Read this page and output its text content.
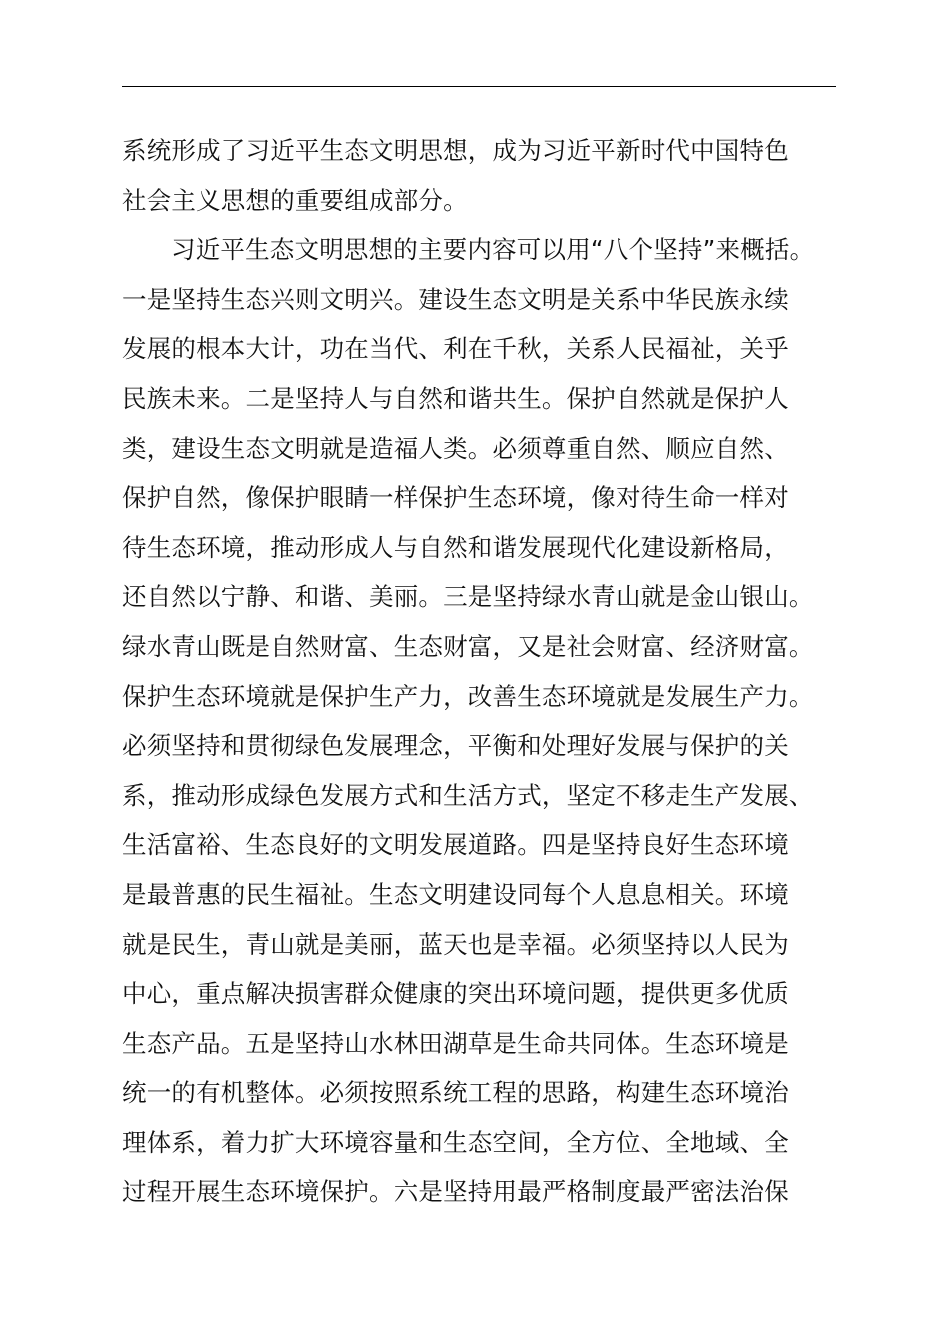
系统形成了习近平生态文明思想，成为习近平新时代中国特色
社会主义思想的重要组成部分。
习近平生态文明思想的主要内容可以用“八个坚持”来概括。
一是坚持生态兴则文明兴。建设生态文明是关系中华民族永续
发展的根本大计，功在当代、利在千秋，关系人民福祉，关乎
民族未来。二是坚持人与自然和谐共生。保护自然就是保护人
类，建设生态文明就是造福人类。必须尊重自然、顺应自然、
保护自然，像保护眼睛一样保护生态环境，像对待生命一样对
待生态环境，推动形成人与自然和谐发展现代化建设新格局，
还自然以宁静、和谐、美丽。三是坚持绿水青山就是金山银山。
绿水青山既是自然财富、生态财富，又是社会财富、经济财富。
保护生态环境就是保护生产力，改善生态环境就是发展生产力。
必须坚持和贯彻绿色发展理念，平衡和处理好发展与保护的关
系，推动形成绿色发展方式和生活方式，坚定不移走生产发展、
生活富裕、生态良好的文明发展道路。四是坚持良好生态环境
是最普惠的民生福祉。生态文明建设同每个人息息相关。环境
就是民生，青山就是美丽，蓝天也是幸福。必须坚持以人民为
中心，重点解决损害群众健康的突出环境问题，提供更多优质
生态产品。五是坚持山水林田湖草是生命共同体。生态环境是
统一的有机整体。必须按照系统工程的思路，构建生态环境治
理体系，着力扩大环境容量和生态空间，全方位、全地域、全
过程开展生态环境保护。六是坚持用最严格制度最严密法治保
